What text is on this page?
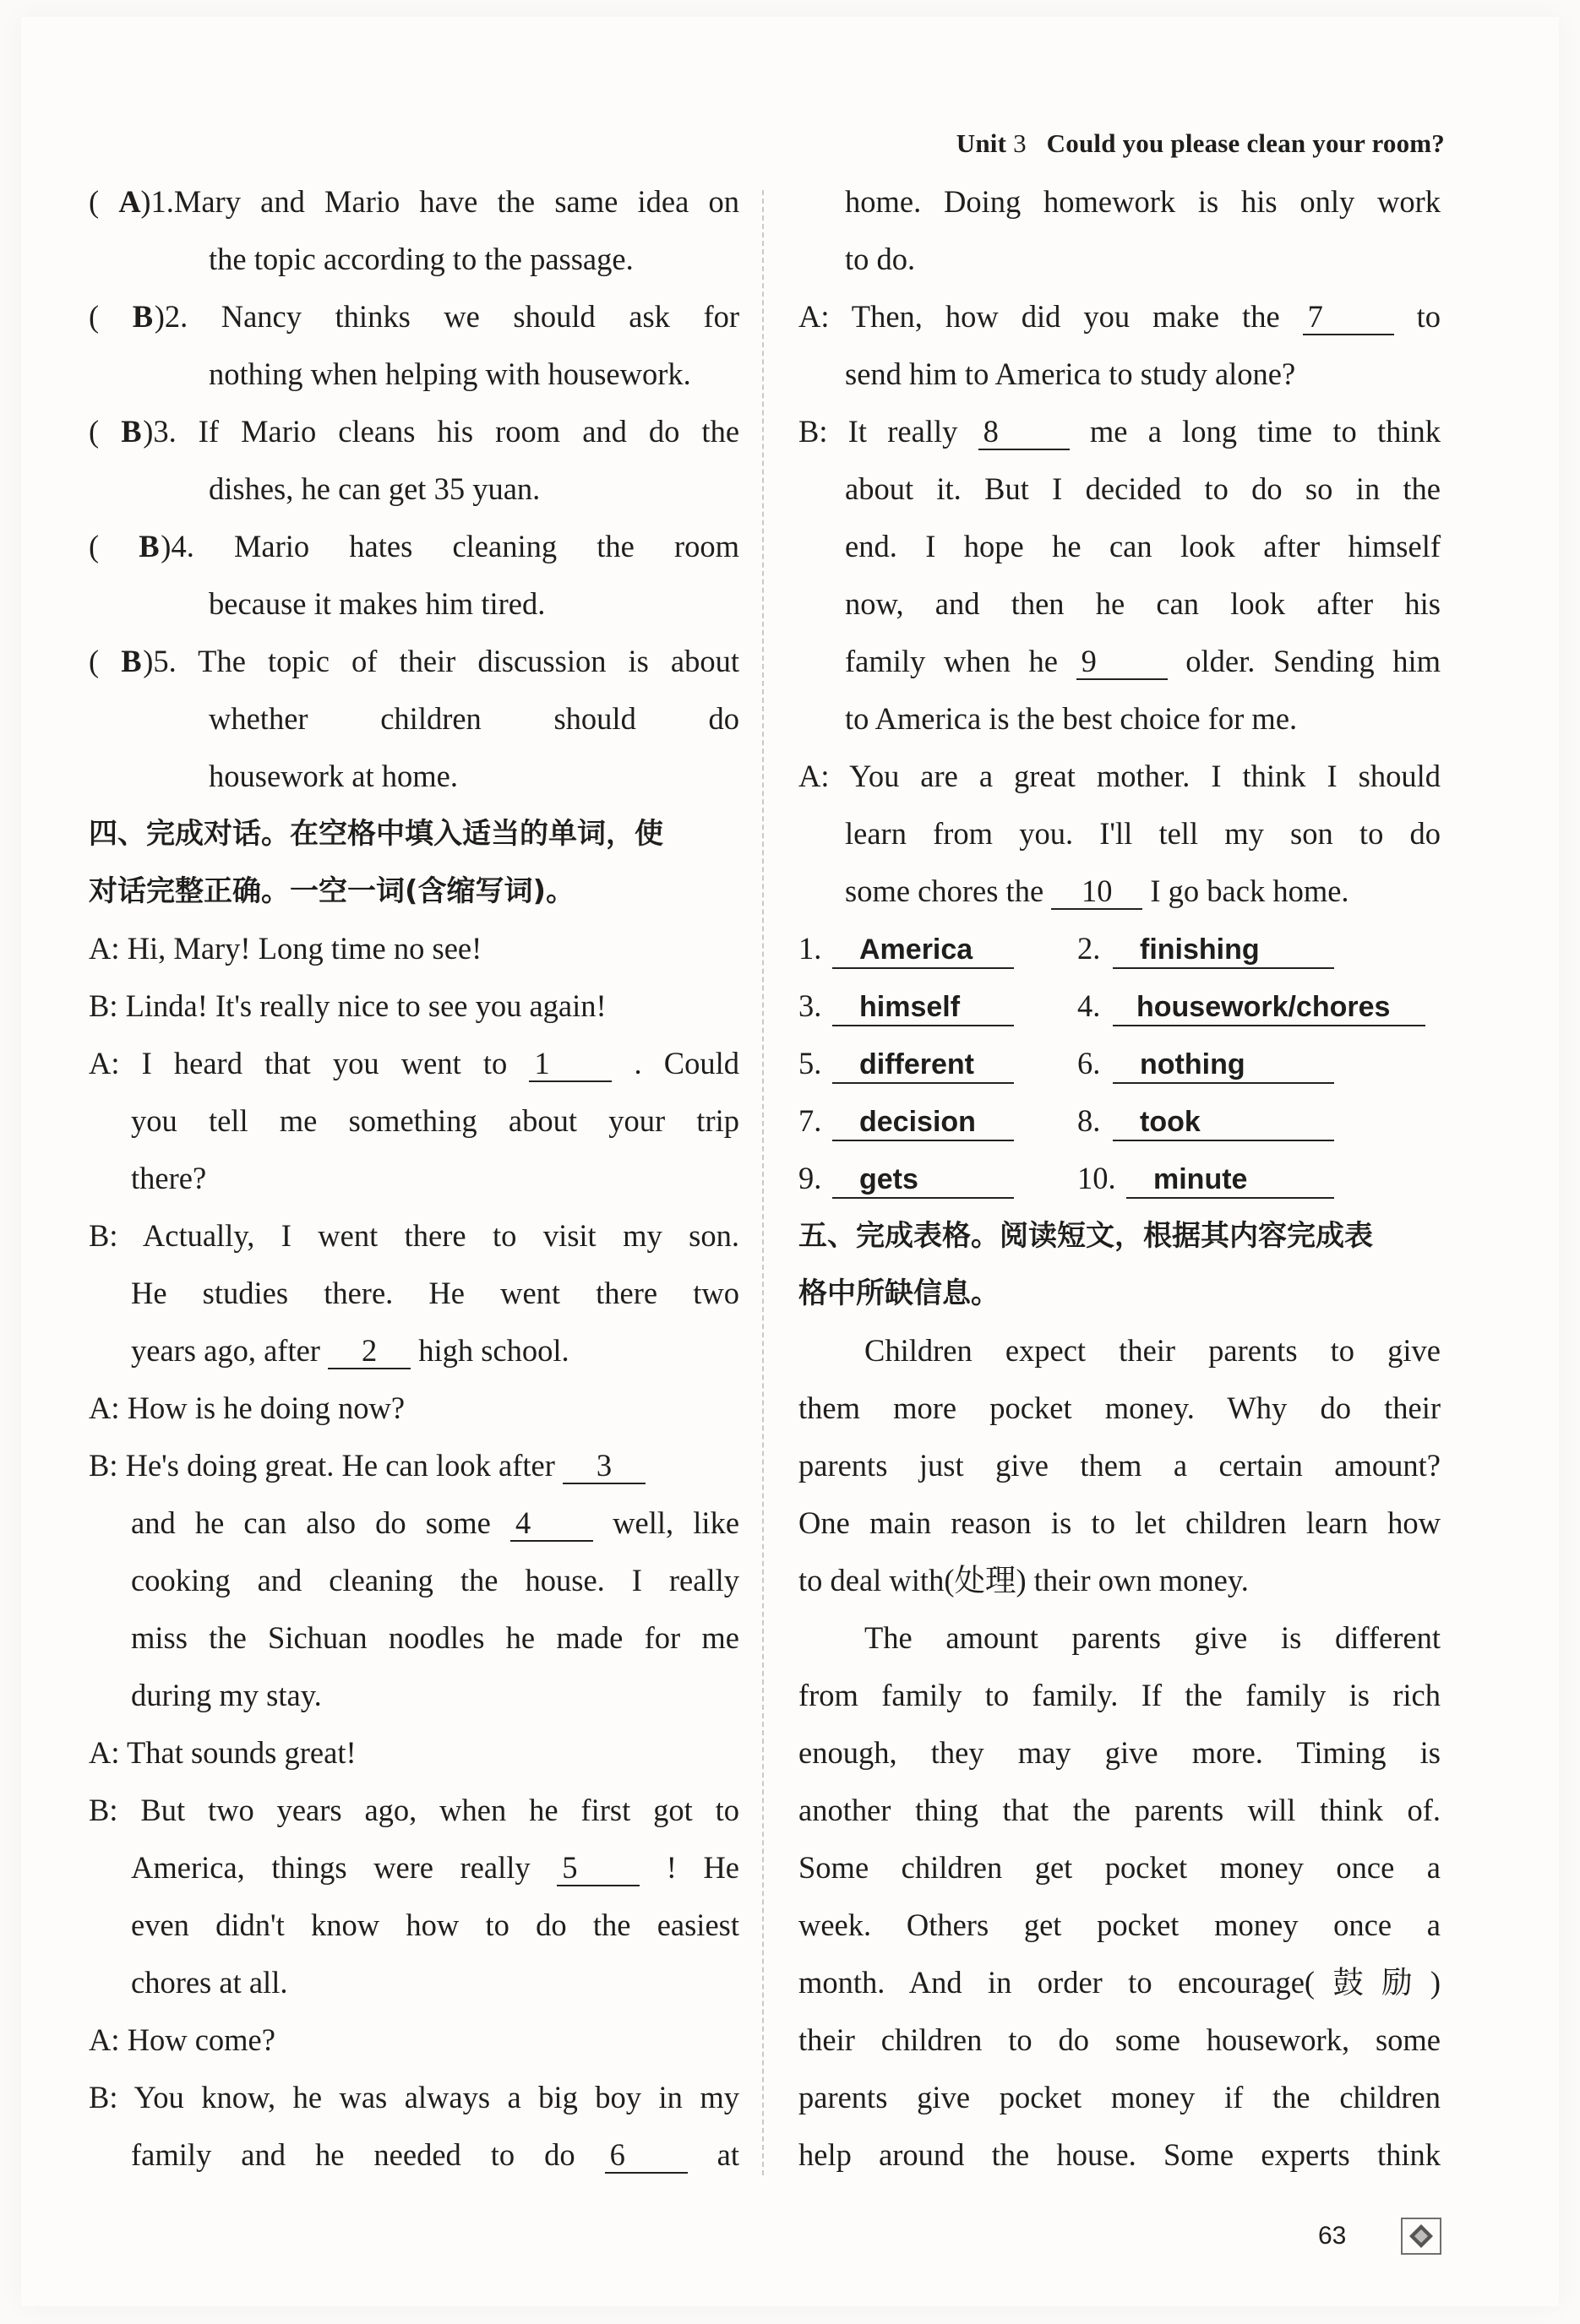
Unit 3 Could you please clean your room?
( A)1.Mary and Mario have the same idea on
the topic according to the passage.
( B)2. Nancy thinks we should ask for
nothing when helping with housework.
( B)3. If Mario cleans his room and do the
dishes, he can get 35 yuan.
( B)4. Mario hates cleaning the room
because it makes him tired.
( B)5. The topic of their discussion is about
whether children should do
housework at home.
四、完成对话。在空格中填入适当的单词，使
对话完整正确。一空一词(含缩写词)。
A: Hi, Mary! Long time no see!
B: Linda! It's really nice to see you again!
A: I heard that you went to 1	. Could
you tell me something about your trip
there?
B: Actually, I went there to visit my son.
He studies there. He went there two
years ago, after 2 high school.
A: How is he doing now?
B: He's doing great. He can look after 3
and he can also do some 4	well, like
cooking and cleaning the house. I really
miss the Sichuan noodles he made for me
during my stay.
A: That sounds great!
B: But two years ago, when he first got to
America, things were really 5	! He
even didn't know how to do the easiest
chores at all.
A: How come?
B: You know, he was always a big boy in my
family and he needed to do 6	at
home. Doing homework is his only work
to do.
A: Then, how did you make the 7	to
send him to America to study alone?
B: It really 8	me a long time to think
about it. But I decided to do so in the
end. I hope he can look after himself
now, and then he can look after his
family when he 9	older. Sending him
to America is the best choice for me.
A: You are a great mother. I think I should
learn from you. I'll tell my son to do
some chores the 10 I go back home.
1. America	2. finishing
3. himself	4. housework/chores
5. different	6. nothing
7. decision	8. took
9. gets	10. minute
五、完成表格。阅读短文，根据其内容完成表
格中所缺信息。
Children expect their parents to give
them more pocket money. Why do their
parents just give them a certain amount?
One main reason is to let children learn how
to deal with(处理) their own money.
The amount parents give is different
from family to family. If the family is rich
enough, they may give more. Timing is
another thing that the parents will think of.
Some children get pocket money once a
week. Others get pocket money once a
month. And in order to encourage(鼓励)
their children to do some housework, some
parents give pocket money if the children
help around the house. Some experts think
63
